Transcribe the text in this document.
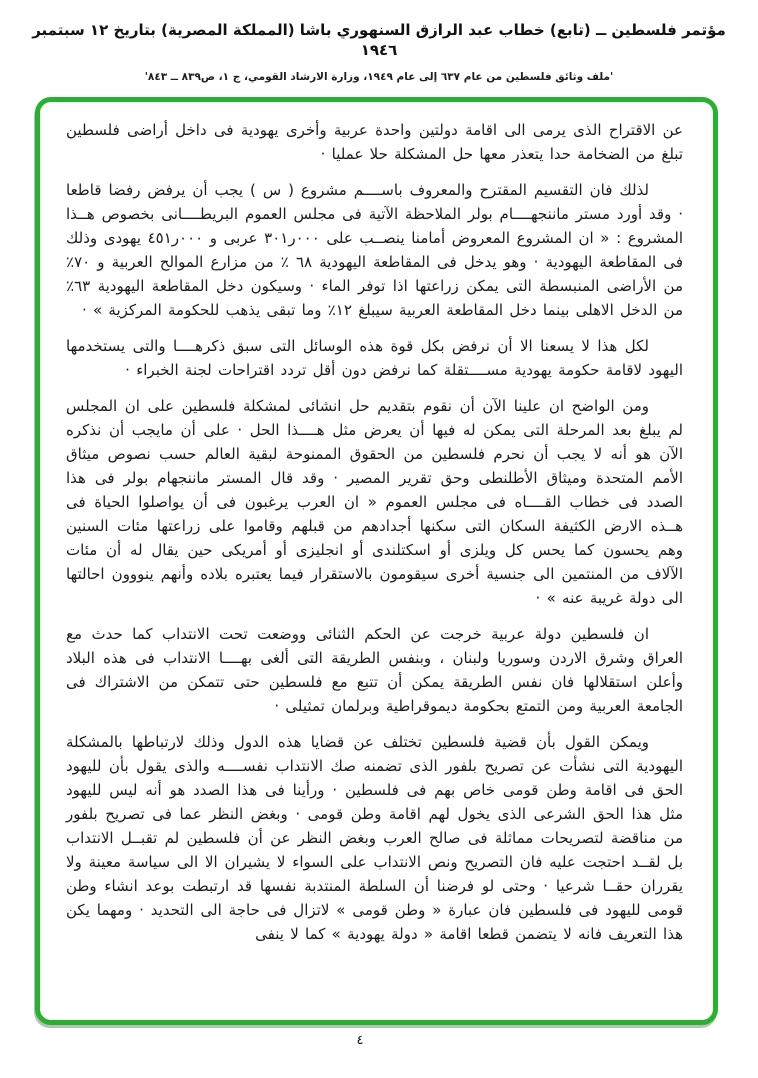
مؤتمر فلسطين ــ (تابع) خطاب عبد الرازق السنهوري باشا (المملكة المصرية) بتاريخ ١٢ سبتمبر ١٩٤٦
'ملف وثائق فلسطين من عام ٦٣٧ إلى عام ١٩٤٩، وزارة الارشاد القومي، ج ١، ص٨٣٩ ــ ٨٤٣'

عن الاقتراح الذى يرمى الى اقامة دولتين واحدة عربية وأخرى يهودية فى داخل أراضى فلسطين تبلغ من الضخامة حدا يتعذر معها حل المشكلة حلا عمليا ·

لذلك فان التقسيم المقترح والمعروف باســــم مشروع ( س ) يجب أن يرفض رفضا قاطعا · وقد أورد مستر ماننجهــــام بولر الملاحظة الآتية فى مجلس العموم البريطــــانى بخصوص هــذا المشروع : « ان المشروع المعروض أمامنا ينصــب على ‭٣٠١ر٠٠٠‬ عربى و ‭٤٥١ر٠٠٠‬ يهودى وذلك فى المقاطعة اليهودية · وهو يدخل فى المقاطعة اليهودية ٦٨ ٪ من مزارع الموالح العربية و ٧٠٪ من الأراضى المنبسطة التى يمكن زراعتها اذا توفر الماء · وسيكون دخل المقاطعة اليهودية ٦٣٪ من الدخل الاهلى بينما دخل المقاطعة العربية سيبلغ ١٢٪ وما تبقى يذهب للحكومة المركزية » ·

لكل هذا لا يسعنا الا أن نرفض بكل قوة هذه الوسائل التى سبق ذكرهــــا والتى يستخدمها اليهود لاقامة حكومة يهودية مســــتقلة كما نرفض دون أقل تردد اقتراحات لجنة الخبراء ·

ومن الواضح ان علينا الآن أن نقوم بتقديم حل انشائى لمشكلة فلسطين على ان المجلس لم يبلغ بعد المرحلة التى يمكن له فيها أن يعرض مثل هــــذا الحل · على أن مايجب أن نذكره الآن هو أنه لا يجب أن نحرم فلسطين من الحقوق الممنوحة لبقية العالم حسب نصوص ميثاق الأمم المتحدة وميثاق الأطلنطى وحق تقرير المصير · وقد قال المستر ماننجهام بولر فى هذا الصدد فى خطاب القــــاه فى مجلس العموم « ان العرب يرغبون فى أن يواصلوا الحياة فى هــذه الارض الكثيفة السكان التى سكنها أجدادهم من قبلهم وقاموا على زراعتها مئات السنين وهم يحسون كما يحس كل ويلزى أو اسكتلندى أو انجليزى أو أمريكى حين يقال له أن مئات الآلاف من المنتمين الى جنسية أخرى سيقومون بالاستقرار فيما يعتبره بلاده وأنهم ينووون احالتها الى دولة غريبة عنه » ·

ان فلسطين دولة عربية خرجت عن الحكم الثنائى ووضعت تحت الانتداب كما حدث مع العراق وشرق الاردن وسوريا ولبنان ، وبنفس الطريقة التى ألغى بهــــا الانتداب فى هذه البلاد وأعلن استقلالها فان نفس الطريقة يمكن أن تتبع مع فلسطين حتى تتمكن من الاشتراك فى الجامعة العربية ومن التمتع بحكومة ديموقراطية وبرلمان تمثيلى ·

ويمكن القول بأن قضية فلسطين تختلف عن قضايا هذه الدول وذلك لارتباطها بالمشكلة اليهودية التى نشأت عن تصريح بلفور الذى تضمنه صك الانتداب نفســــه والذى يقول بأن لليهود الحق فى اقامة وطن قومى خاص بهم فى فلسطين · ورأينا فى هذا الصدد هو أنه ليس لليهود مثل هذا الحق الشرعى الذى يخول لهم اقامة وطن قومى · وبغض النظر عما فى تصريح بلفور من مناقضة لتصريحات مماثلة فى صالح العرب وبغض النظر عن أن فلسطين لم تقبــل الانتداب بل لقــد احتجت عليه فان التصريح ونص الانتداب على السواء لا يشيران الا الى سياسة معينة ولا يقرران حقــا شرعيا · وحتى لو فرضنا أن السلطة المنتدبة نفسها قد ارتبطت بوعد انشاء وطن قومى لليهود فى فلسطين فان عبارة « وطن قومى » لاتزال فى حاجة الى التحديد · ومهما يكن هذا التعريف فانه لا يتضمن قطعا اقامة « دولة يهودية » كما لا ينفى

٤
